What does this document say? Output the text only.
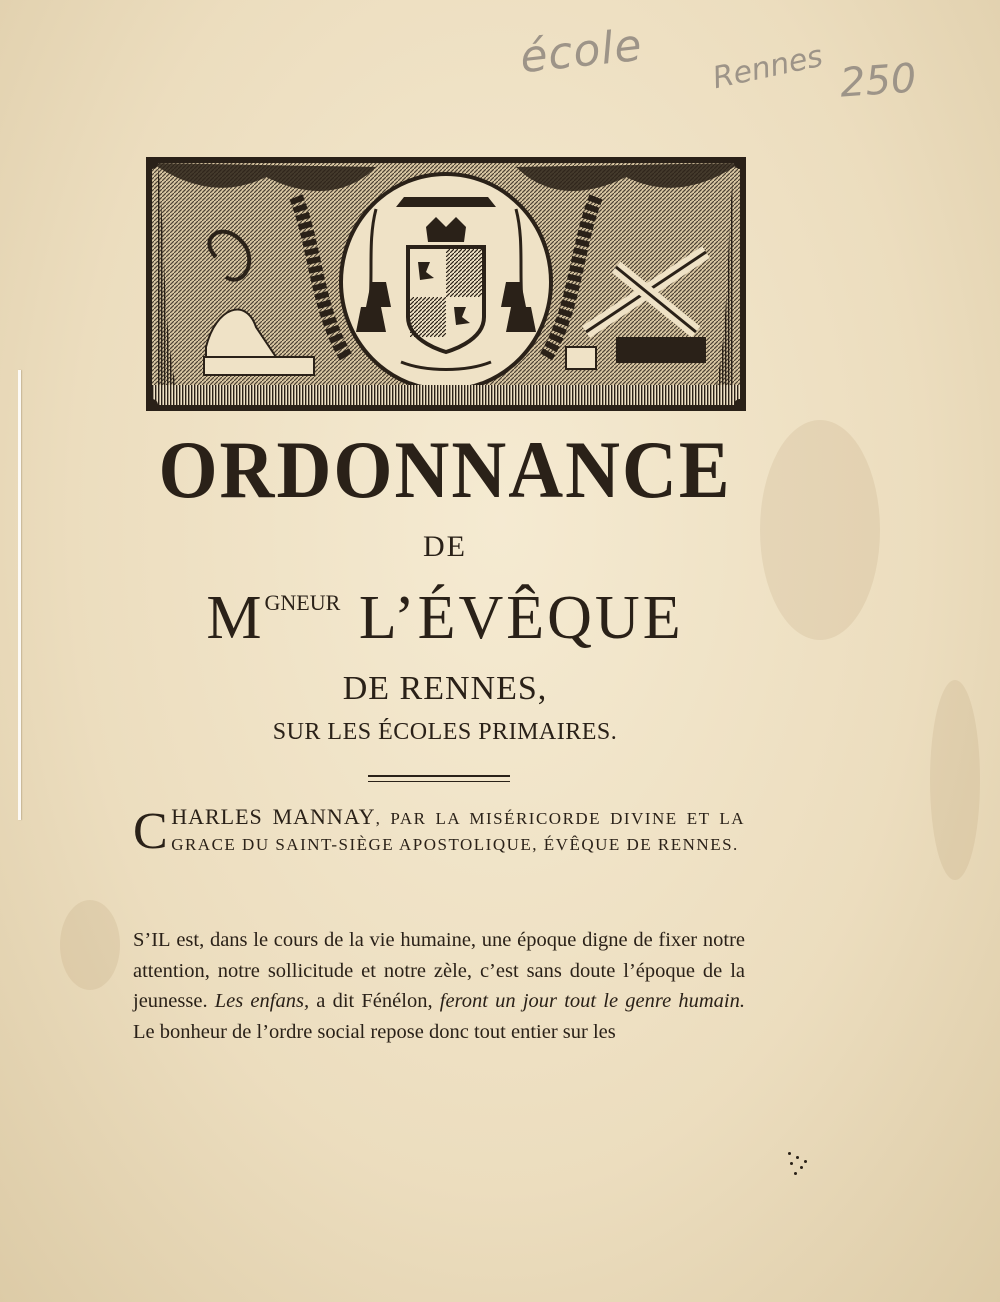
école Rennes 250
ORDONNANCE
DE
$M^{GNEUR}$ L’ÉVÊQUE
DE RENNES,
SUR LES ÉCOLES PRIMAIRES.
CHARLES MANNAY, PAR LA MISÉRICORDE DIVINE ET LA GRACE DU SAINT-SIÈGE APOSTOLIQUE, ÉVÊQUE DE RENNES.
S’IL est, dans le cours de la vie humaine, une époque digne de fixer notre attention, notre sollicitude et notre zèle, c’est sans doute l’époque de la jeunesse. Les enfans, a dit Fénélon, feront un jour tout le genre humain. Le bonheur de l’ordre social repose donc tout entier sur les
